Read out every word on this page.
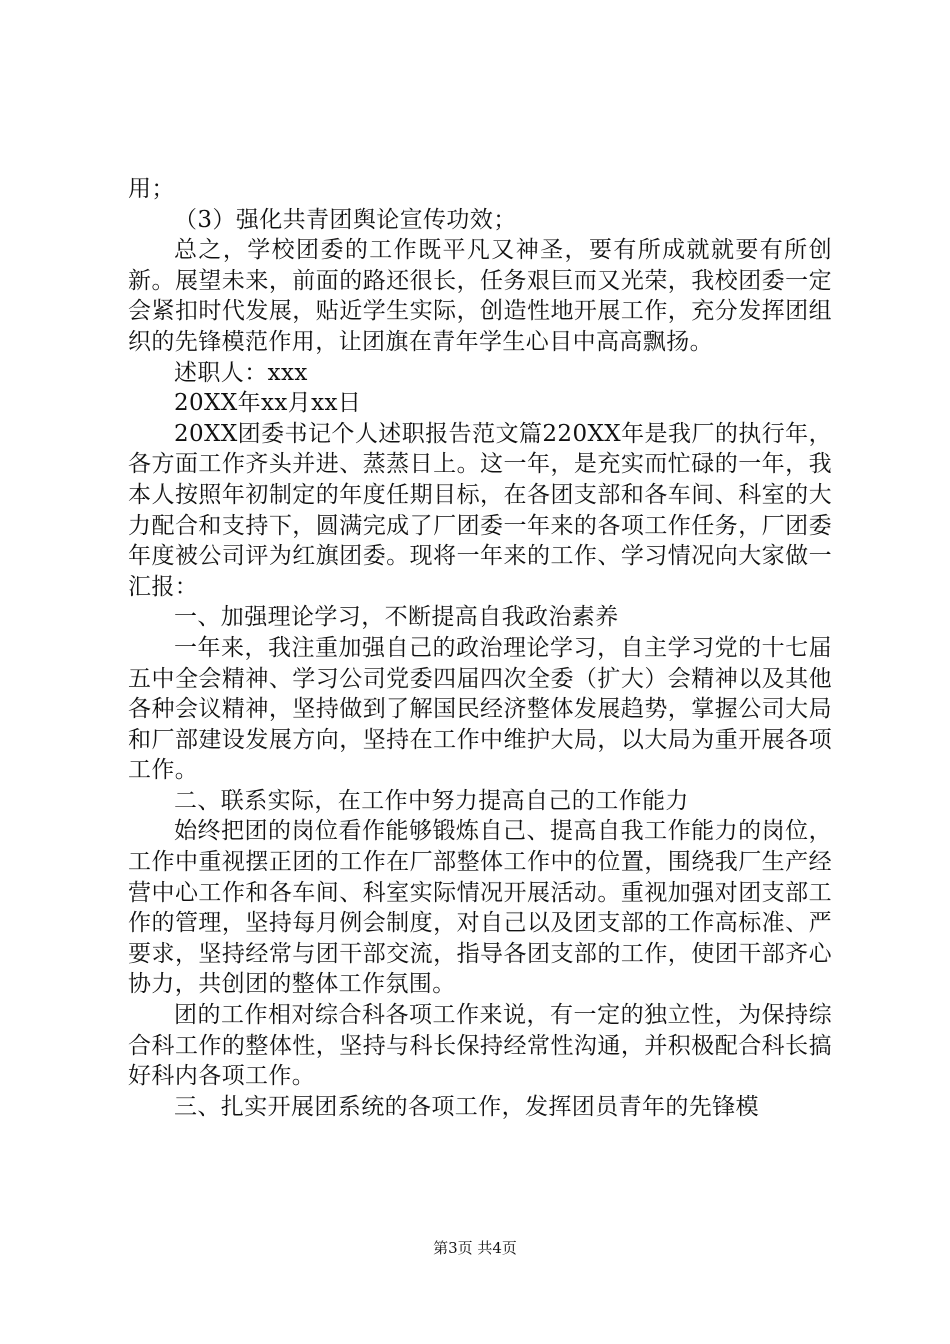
用；

（3）强化共青团舆论宣传功效；

总之，学校团委的工作既平凡又神圣，要有所成就就要有所创新。展望未来，前面的路还很长，任务艰巨而又光荣，我校团委一定会紧扣时代发展，贴近学生实际，创造性地开展工作，充分发挥团组织的先锋模范作用，让团旗在青年学生心目中高高飘扬。

述职人：xxx

20XX年xx月xx日

20XX团委书记个人述职报告范文篇220XX年是我厂的执行年，各方面工作齐头并进、蒸蒸日上。这一年，是充实而忙碌的一年，我本人按照年初制定的年度任期目标，在各团支部和各车间、科室的大力配合和支持下，圆满完成了厂团委一年来的各项工作任务，厂团委年度被公司评为红旗团委。现将一年来的工作、学习情况向大家做一汇报：

一、加强理论学习，不断提高自我政治素养

一年来，我注重加强自己的政治理论学习，自主学习党的十七届五中全会精神、学习公司党委四届四次全委（扩大）会精神以及其他各种会议精神，坚持做到了解国民经济整体发展趋势，掌握公司大局和厂部建设发展方向，坚持在工作中维护大局，以大局为重开展各项工作。

二、联系实际，在工作中努力提高自己的工作能力

始终把团的岗位看作能够锻炼自己、提高自我工作能力的岗位，工作中重视摆正团的工作在厂部整体工作中的位置，围绕我厂生产经营中心工作和各车间、科室实际情况开展活动。重视加强对团支部工作的管理，坚持每月例会制度，对自己以及团支部的工作高标准、严要求，坚持经常与团干部交流，指导各团支部的工作，使团干部齐心协力，共创团的整体工作氛围。

团的工作相对综合科各项工作来说，有一定的独立性，为保持综合科工作的整体性，坚持与科长保持经常性沟通，并积极配合科长搞好科内各项工作。

三、扎实开展团系统的各项工作，发挥团员青年的先锋模

第3页 共4页
